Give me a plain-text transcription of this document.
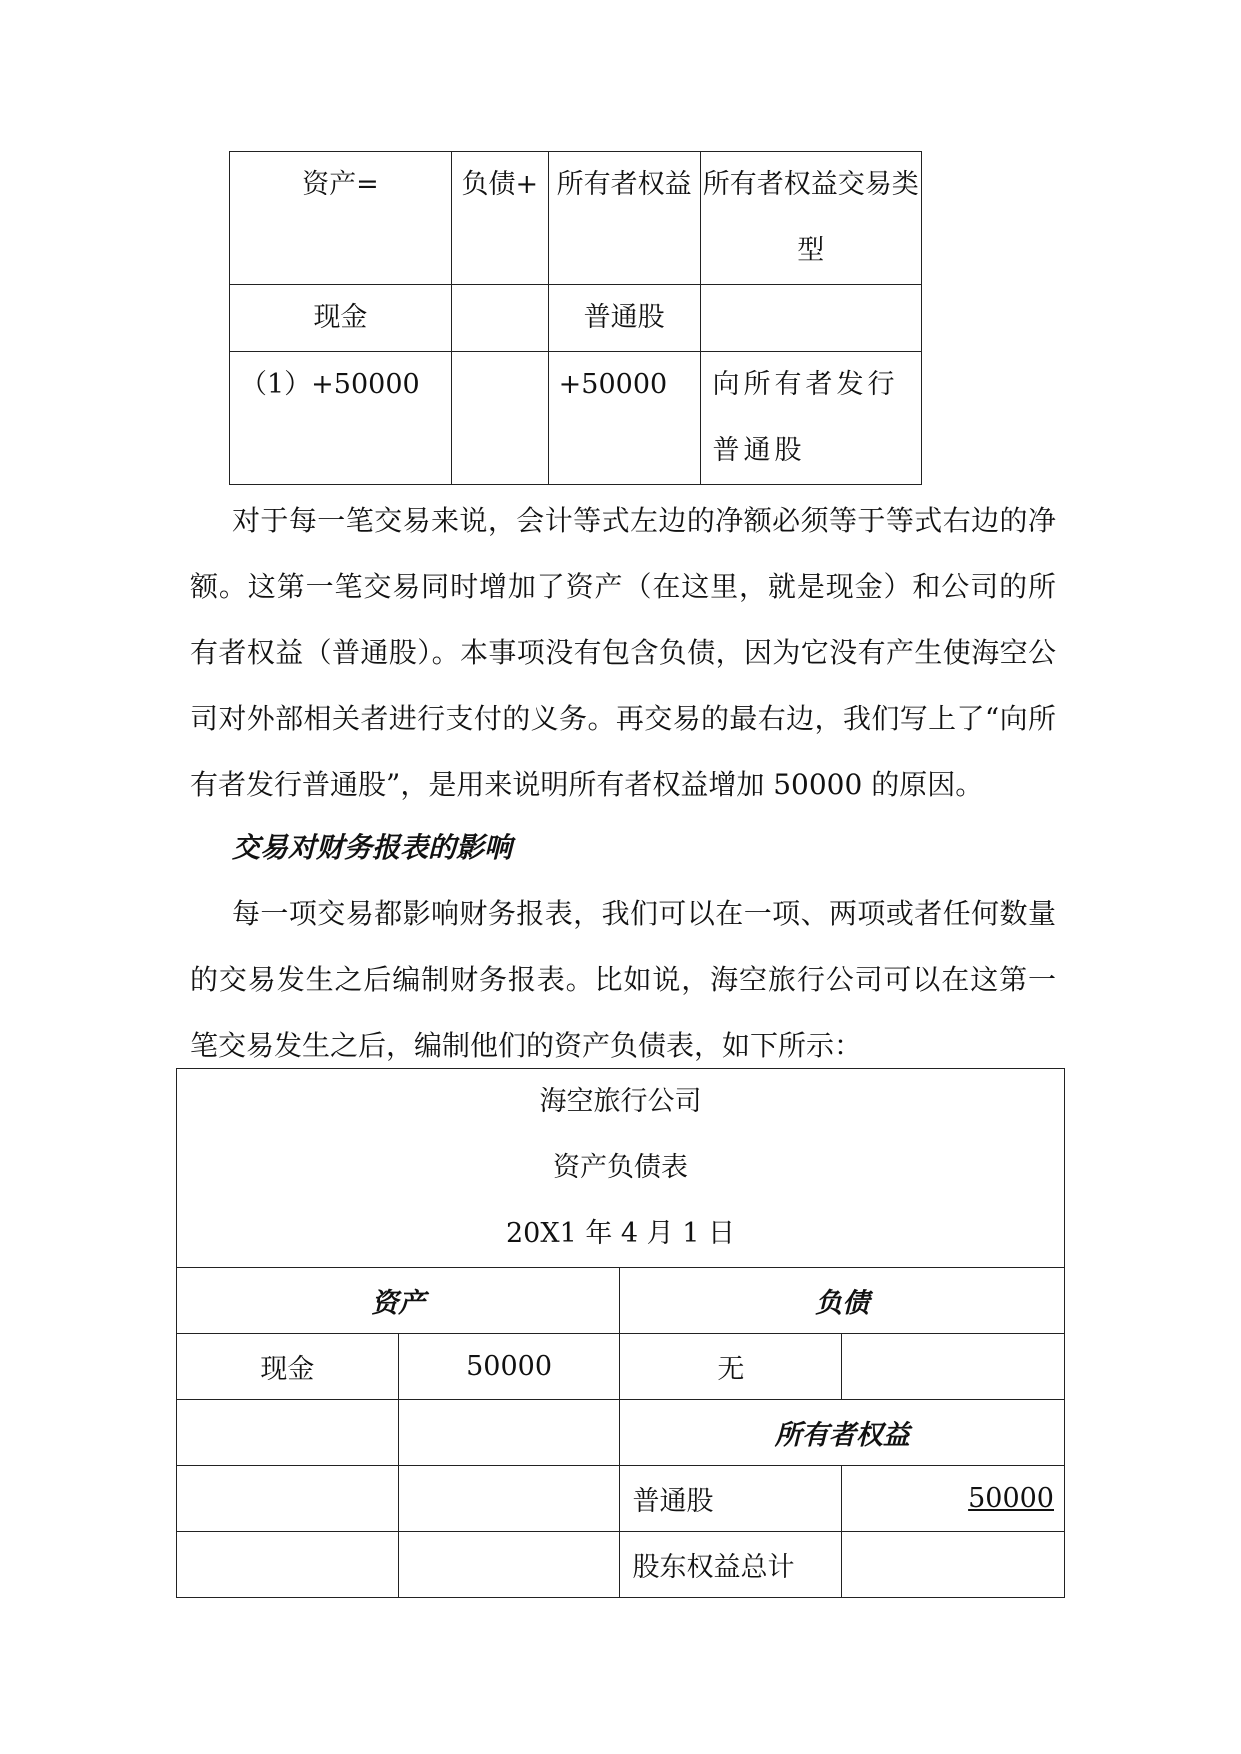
资产=	负债+	所有者权益	所有者权益交易类型
现金		普通股	
（1）+50000		+50000	向所有者发行普通股

对于每一笔交易来说，会计等式左边的净额必须等于等式右边的净额。这第一笔交易同时增加了资产（在这里，就是现金）和公司的所有者权益（普通股）。本事项没有包含负债，因为它没有产生使海空公司对外部相关者进行支付的义务。再交易的最右边，我们写上了“向所有者发行普通股”，是用来说明所有者权益增加 50000 的原因。

交易对财务报表的影响

每一项交易都影响财务报表，我们可以在一项、两项或者任何数量的交易发生之后编制财务报表。比如说，海空旅行公司可以在这第一笔交易发生之后，编制他们的资产负债表，如下所示：

海空旅行公司
资产负债表
20X1 年 4 月 1 日			

资产		负债	
现金	50000	无	
		所有者权益	
		普通股	50000
		股东权益总计	
